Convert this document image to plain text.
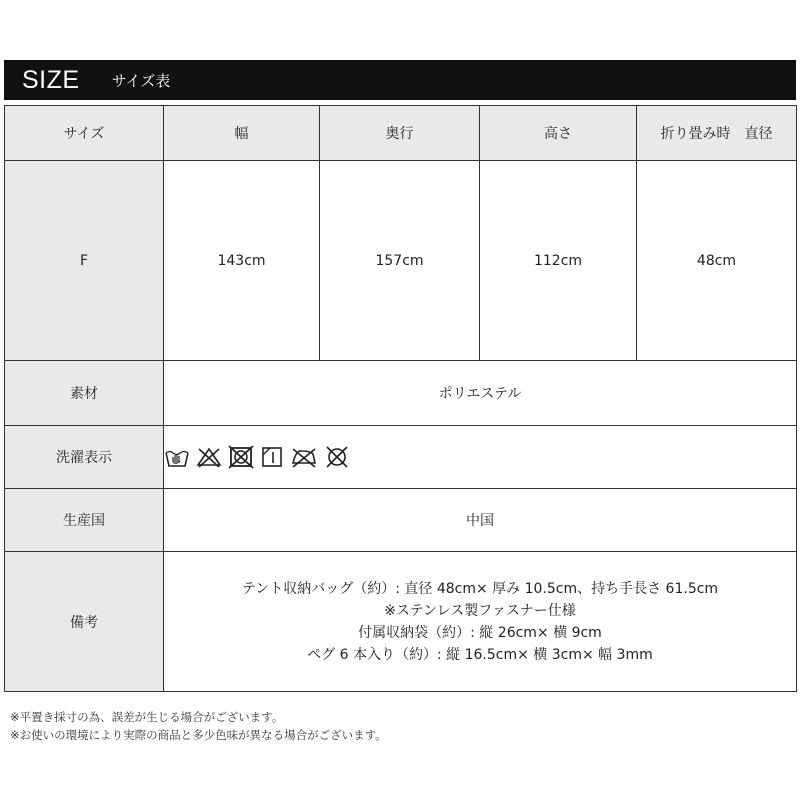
SIZE サイズ表
サイズ	幅	奥行	高さ	折り畳み時　直径
F	143cm	157cm	112cm	48cm
素材	ポリエステル			
洗濯表示	

生産国	中国			
備考	テント収納バッグ（約）: 直径 48cm× 厚み 10.5cm、持ち手長さ 61.5cm
※ステンレス製ファスナー仕様
付属収納袋（約）: 縦 26cm× 横 9cm
ペグ 6 本入り（約）: 縦 16.5cm× 横 3cm× 幅 3mm			
※平置き採寸の為、誤差が生じる場合がございます。
※お使いの環境により実際の商品と多少色味が異なる場合がございます。
